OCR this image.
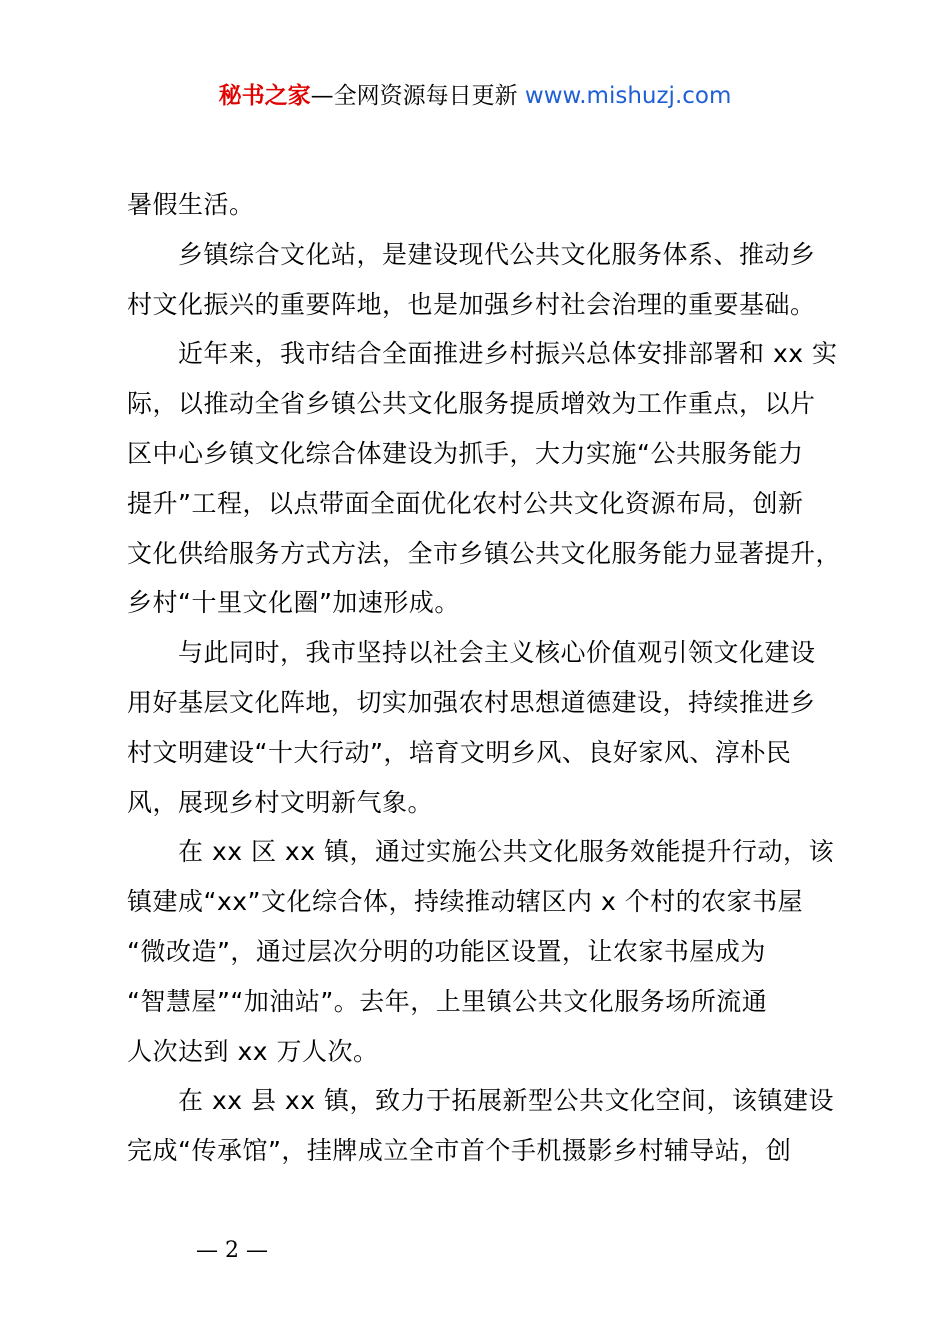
秘书之家—全网资源每日更新 www.mishuzj.com
暑假生活。
乡镇综合文化站，是建设现代公共文化服务体系、推动乡
村文化振兴的重要阵地，也是加强乡村社会治理的重要基础。
近年来，我市结合全面推进乡村振兴总体安排部署和 xx 实
际，以推动全省乡镇公共文化服务提质增效为工作重点，以片
区中心乡镇文化综合体建设为抓手，大力实施“公共服务能力
提升”工程，以点带面全面优化农村公共文化资源布局，创新
文化供给服务方式方法，全市乡镇公共文化服务能力显著提升，
乡村“十里文化圈”加速形成。
与此同时，我市坚持以社会主义核心价值观引领文化建设
用好基层文化阵地，切实加强农村思想道德建设，持续推进乡
村文明建设“十大行动”，培育文明乡风、良好家风、淳朴民
风，展现乡村文明新气象。
在 xx 区 xx 镇，通过实施公共文化服务效能提升行动，该
镇建成“xx”文化综合体，持续推动辖区内 x 个村的农家书屋
“微改造”，通过层次分明的功能区设置，让农家书屋成为
“智慧屋”“加油站”。去年，上里镇公共文化服务场所流通
人次达到 xx 万人次。
在 xx 县 xx 镇，致力于拓展新型公共文化空间，该镇建设
完成“传承馆”，挂牌成立全市首个手机摄影乡村辅导站，创
— 2 —
